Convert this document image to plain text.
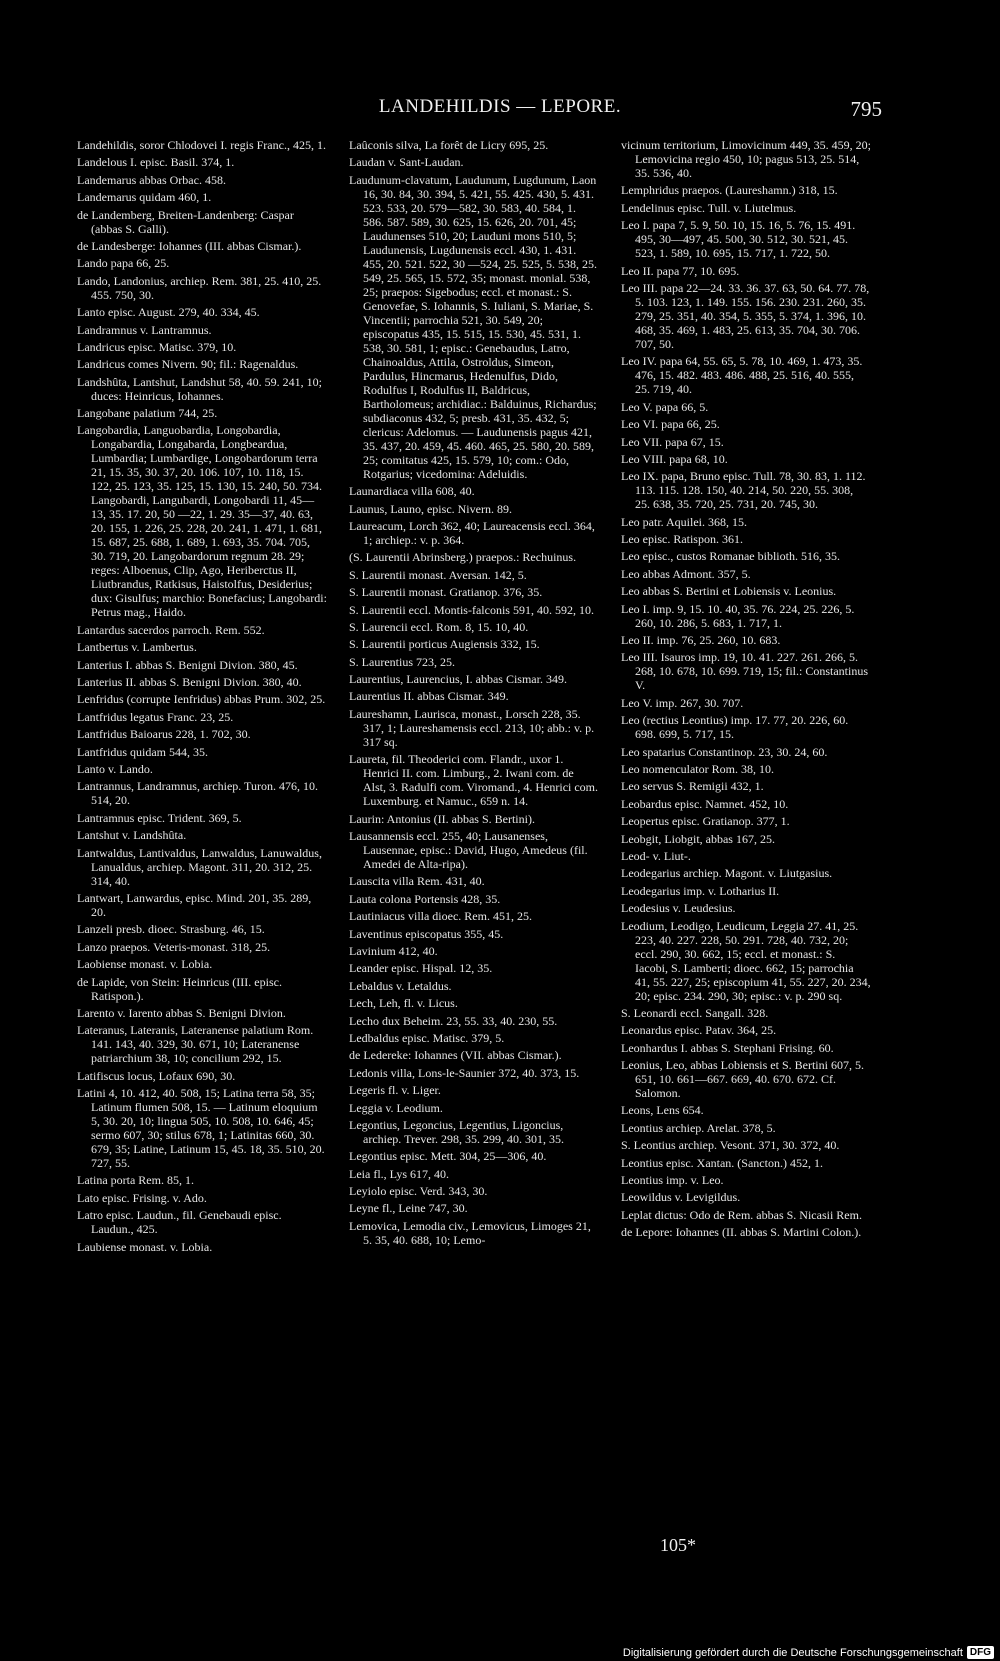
LANDEHILDIS — LEPORE.	795
Landehildis, soror Chlodovei I. regis Franc., 425, 1.
Landelous I. episc. Basil. 374, 1.
Landemarus abbas Orbac. 458.
Landemarus quidam 460, 1.
de Landemberg, Breiten-Landenberg: Caspar (abbas S. Galli).
de Landesberge: Iohannes (III. abbas Cismar.).
Lando papa 66, 25.
Lando, Landonius, archiep. Rem. 381, 25. 410, 25. 455. 750, 30.
Lanto episc. August. 279, 40. 334, 45.
Landramnus v. Lantramnus.
Landricus episc. Matisc. 379, 10.
Landricus comes Nivern. 90; fil.: Ragenaldus.
Landshûta, Lantshut, Landshut 58, 40. 59. 241, 10; duces: Heinricus, Iohannes.
Langobane palatium 744, 25.
Langobardia, Languobardia, Longobardia, Longabardia, Longabarda, Longbeardua, Lumbardia; Lumbardige, Longobardorum terra 21, 15. 35, 30. 37, 20. 106. 107, 10. 118, 15. 122, 25. 123, 35. 125, 15. 130, 15. 240, 50. 734. Langobardi, Langubardi, Longobardi 11, 45—13, 35. 17. 20, 50 —22, 1. 29. 35—37, 40. 63, 20. 155, 1. 226, 25. 228, 20. 241, 1. 471, 1. 681, 15. 687, 25. 688, 1. 689, 1. 693, 35. 704. 705, 30. 719, 20. Langobardorum regnum 28. 29; reges: Alboenus, Clip, Ago, Heriberctus II, Liutbrandus, Ratkisus, Haistolfus, Desiderius; dux: Gisulfus; marchio: Bonefacius; Langobardi: Petrus mag., Haido.
Lantardus sacerdos parroch. Rem. 552.
Lantbertus v. Lambertus.
Lanterius I. abbas S. Benigni Divion. 380, 45.
Lanterius II. abbas S. Benigni Divion. 380, 40.
Lenfridus (corrupte Ienfridus) abbas Prum. 302, 25.
Lantfridus legatus Franc. 23, 25.
Lantfridus Baioarus 228, 1. 702, 30.
Lantfridus quidam 544, 35.
Lanto v. Lando.
Lantrannus, Landramnus, archiep. Turon. 476, 10. 514, 20.
Lantramnus episc. Trident. 369, 5.
Lantshut v. Landshûta.
Lantwaldus, Lantivaldus, Lanwaldus, Lanuwaldus, Lanualdus, archiep. Magont. 311, 20. 312, 25. 314, 40.
Lantwart, Lanwardus, episc. Mind. 201, 35. 289, 20.
Lanzeli presb. dioec. Strasburg. 46, 15.
Lanzo praepos. Veteris-monast. 318, 25.
Laobiense monast. v. Lobia.
de Lapide, von Stein: Heinricus (III. episc. Ratispon.).
Larento v. Iarento abbas S. Benigni Divion.
Lateranus, Lateranis, Lateranense palatium Rom. 141. 143, 40. 329, 30. 671, 10; Lateranense patriarchium 38, 10; concilium 292, 15.
Latifiscus locus, Lofaux 690, 30.
Latini 4, 10. 412, 40. 508, 15; Latina terra 58, 35; Latinum flumen 508, 15. — Latinum eloquium 5, 30. 20, 10; lingua 505, 10. 508, 10. 646, 45; sermo 607, 30; stilus 678, 1; Latinitas 660, 30. 679, 35; Latine, Latinum 15, 45. 18, 35. 510, 20. 727, 55.
Latina porta Rem. 85, 1.
Lato episc. Frising. v. Ado.
Latro episc. Laudun., fil. Genebaudi episc. Laudun., 425.
Laubiense monast. v. Lobia.
Laûconis silva, La forêt de Licry 695, 25.
Laudan v. Sant-Laudan.
Laudunum-clavatum, Laudunum, Lugdunum, Laon 16, 30. 84, 30. 394, 5. 421, 55. 425. 430, 5. 431. 523. 533, 20. 579—582, 30. 583, 40. 584, 1. 586. 587. 589, 30. 625, 15. 626, 20. 701, 45; Laudunenses 510, 20; Lauduni mons 510, 5; Laudunensis, Lugdunensis eccl. 430, 1. 431. 455, 20. 521. 522, 30 —524, 25. 525, 5. 538, 25. 549, 25. 565, 15. 572, 35; monast. monial. 538, 25; praepos: Sigebodus; eccl. et monast.: S. Genovefae, S. Iohannis, S. Iuliani, S. Mariae, S. Vincentii; parrochia 521, 30. 549, 20; episcopatus 435, 15. 515, 15. 530, 45. 531, 1. 538, 30. 581, 1; episc.: Genebaudus, Latro, Chainoaldus, Attila, Ostroldus, Simeon, Pardulus, Hincmarus, Hedenulfus, Dido, Rodulfus I, Rodulfus II, Baldricus, Bartholomeus; archidiac.: Balduinus, Richardus; subdiaconus 432, 5; presb. 431, 35. 432, 5; clericus: Adelomus. — Laudunensis pagus 421, 35. 437, 20. 459, 45. 460. 465, 25. 580, 20. 589, 25; comitatus 425, 15. 579, 10; com.: Odo, Rotgarius; vicedomina: Adeluidis.
Launardiaca villa 608, 40.
Launus, Launo, episc. Nivern. 89.
Laureacum, Lorch 362, 40; Laureacensis eccl. 364, 1; archiep.: v. p. 364.
(S. Laurentii Abrinsberg.) praepos.: Rechuinus.
S. Laurentii monast. Aversan. 142, 5.
S. Laurentii monast. Gratianop. 376, 35.
S. Laurentii eccl. Montis-falconis 591, 40. 592, 10.
S. Laurencii eccl. Rom. 8, 15. 10, 40.
S. Laurentii porticus Augiensis 332, 15.
S. Laurentius 723, 25.
Laurentius, Laurencius, I. abbas Cismar. 349.
Laurentius II. abbas Cismar. 349.
Laureshamn, Laurisca, monast., Lorsch 228, 35. 317, 1; Laureshamensis eccl. 213, 10; abb.: v. p. 317 sq.
Laureta, fil. Theoderici com. Flandr., uxor 1. Henrici II. com. Limburg., 2. Iwani com. de Alst, 3. Radulfi com. Viromand., 4. Henrici com. Luxemburg. et Namuc., 659 n. 14.
Laurin: Antonius (II. abbas S. Bertini).
Lausannensis eccl. 255, 40; Lausanenses, Lausennae, episc.: David, Hugo, Amedeus (fil. Amedei de Alta-ripa).
Lauscita villa Rem. 431, 40.
Lauta colona Portensis 428, 35.
Lautiniacus villa dioec. Rem. 451, 25.
Laventinus episcopatus 355, 45.
Lavinium 412, 40.
Leander episc. Hispal. 12, 35.
Lebaldus v. Letaldus.
Lech, Leh, fl. v. Licus.
Lecho dux Beheim. 23, 55. 33, 40. 230, 55.
Ledbaldus episc. Matisc. 379, 5.
de Ledereke: Iohannes (VII. abbas Cismar.).
Ledonis villa, Lons-le-Saunier 372, 40. 373, 15.
Legeris fl. v. Liger.
Leggia v. Leodium.
Legontius, Legoncius, Legentius, Ligoncius, archiep. Trever. 298, 35. 299, 40. 301, 35.
Legontius episc. Mett. 304, 25—306, 40.
Leia fl., Lys 617, 40.
Leyiolo episc. Verd. 343, 30.
Leyne fl., Leine 747, 30.
Lemovica, Lemodia civ., Lemovicus, Limoges 21, 5. 35, 40. 688, 10; Lemo-
vicinum territorium, Limovicinum 449, 35. 459, 20; Lemovicina regio 450, 10; pagus 513, 25. 514, 35. 536, 40.
Lemphridus praepos. (Laureshamn.) 318, 15.
Lendelinus episc. Tull. v. Liutelmus.
Leo I. papa 7, 5. 9, 50. 10, 15. 16, 5. 76, 15. 491. 495, 30—497, 45. 500, 30. 512, 30. 521, 45. 523, 1. 589, 10. 695, 15. 717, 1. 722, 50.
Leo II. papa 77, 10. 695.
Leo III. papa 22—24. 33. 36. 37. 63, 50. 64. 77. 78, 5. 103. 123, 1. 149. 155. 156. 230. 231. 260, 35. 279, 25. 351, 40. 354, 5. 355, 5. 374, 1. 396, 10. 468, 35. 469, 1. 483, 25. 613, 35. 704, 30. 706. 707, 50.
Leo IV. papa 64, 55. 65, 5. 78, 10. 469, 1. 473, 35. 476, 15. 482. 483. 486. 488, 25. 516, 40. 555, 25. 719, 40.
Leo V. papa 66, 5.
Leo VI. papa 66, 25.
Leo VII. papa 67, 15.
Leo VIII. papa 68, 10.
Leo IX. papa, Bruno episc. Tull. 78, 30. 83, 1. 112. 113. 115. 128. 150, 40. 214, 50. 220, 55. 308, 25. 638, 35. 720, 25. 731, 20. 745, 30.
Leo patr. Aquilei. 368, 15.
Leo episc. Ratispon. 361.
Leo episc., custos Romanae biblioth. 516, 35.
Leo abbas Admont. 357, 5.
Leo abbas S. Bertini et Lobiensis v. Leonius.
Leo I. imp. 9, 15. 10. 40, 35. 76. 224, 25. 226, 5. 260, 10. 286, 5. 683, 1. 717, 1.
Leo II. imp. 76, 25. 260, 10. 683.
Leo III. Isauros imp. 19, 10. 41. 227. 261. 266, 5. 268, 10. 678, 10. 699. 719, 15; fil.: Constantinus V.
Leo V. imp. 267, 30. 707.
Leo (rectius Leontius) imp. 17. 77, 20. 226, 60. 698. 699, 5. 717, 15.
Leo spatarius Constantinop. 23, 30. 24, 60.
Leo nomenculator Rom. 38, 10.
Leo servus S. Remigii 432, 1.
Leobardus episc. Namnet. 452, 10.
Leopertus episc. Gratianop. 377, 1.
Leobgit, Liobgit, abbas 167, 25.
Leod- v. Liut-.
Leodegarius archiep. Magont. v. Liutgasius.
Leodegarius imp. v. Lotharius II.
Leodesius v. Leudesius.
Leodium, Leodigo, Leudicum, Leggia 27. 41, 25. 223, 40. 227. 228, 50. 291. 728, 40. 732, 20; eccl. 290, 30. 662, 15; eccl. et monast.: S. Iacobi, S. Lamberti; dioec. 662, 15; parrochia 41, 55. 227, 25; episcopium 41, 55. 227, 20. 234, 20; episc. 234. 290, 30; episc.: v. p. 290 sq.
S. Leonardi eccl. Sangall. 328.
Leonardus episc. Patav. 364, 25.
Leonhardus I. abbas S. Stephani Frising. 60.
Leonius, Leo, abbas Lobiensis et S. Bertini 607, 5. 651, 10. 661—667. 669, 40. 670. 672. Cf. Salomon.
Leons, Lens 654.
Leontius archiep. Arelat. 378, 5.
S. Leontius archiep. Vesont. 371, 30. 372, 40.
Leontius episc. Xantan. (Sancton.) 452, 1.
Leontius imp. v. Leo.
Leowildus v. Levigildus.
Leplat dictus: Odo de Rem. abbas S. Nicasii Rem.
de Lepore: Iohannes (II. abbas S. Martini Colon.).
105*
Digitalisierung gefördert durch die Deutsche Forschungsgemeinschaft DFG
